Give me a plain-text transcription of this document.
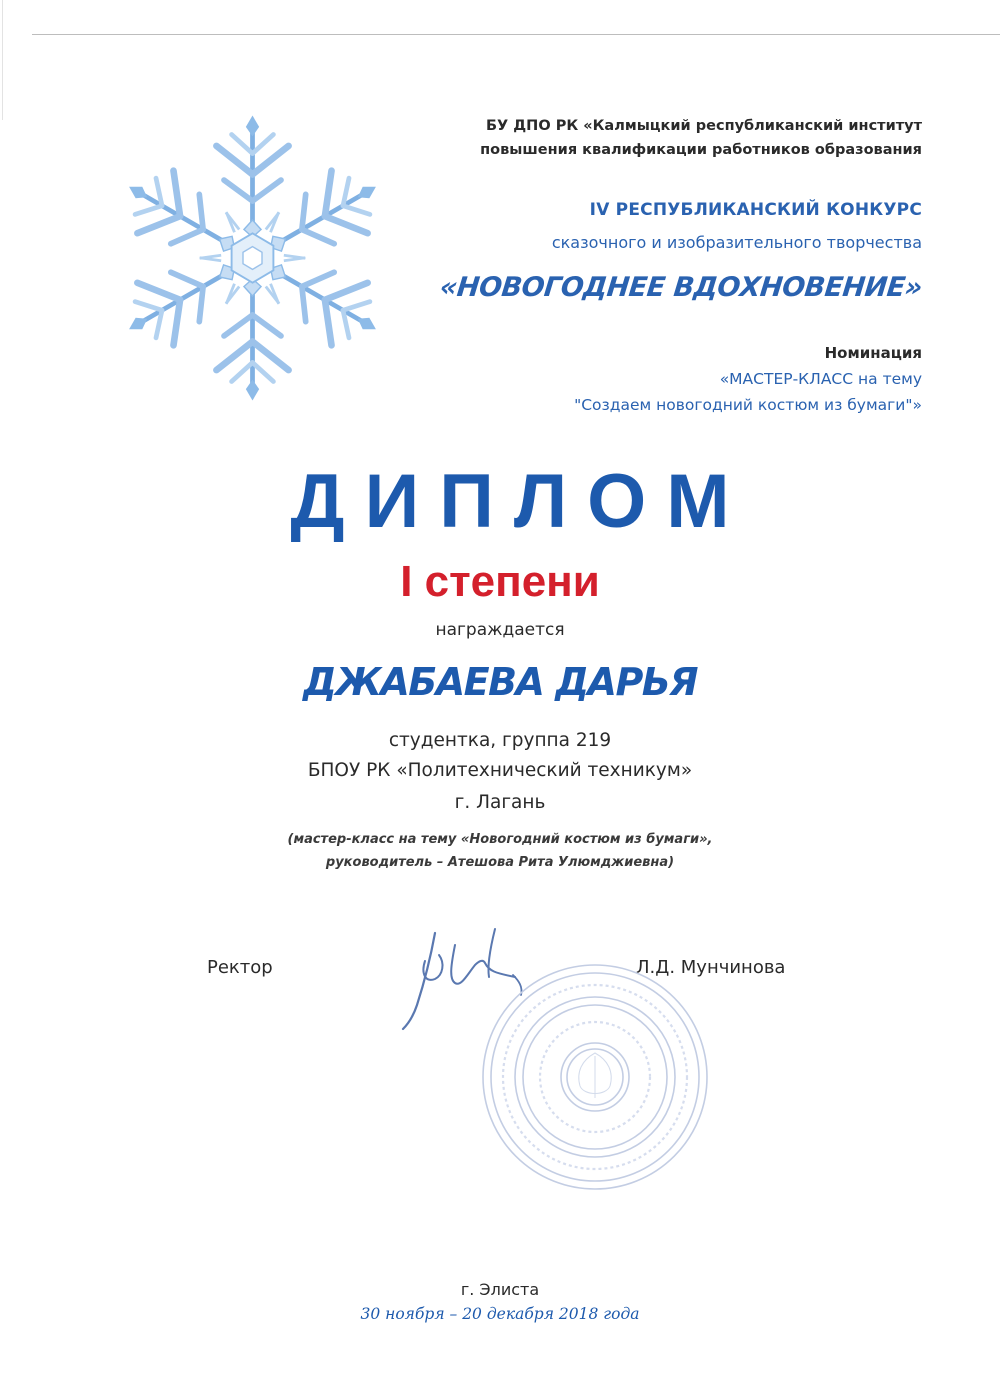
БУ ДПО РК «Калмыцкий республиканский институт
повышения квалификации работников образования
IV РЕСПУБЛИКАНСКИЙ КОНКУРС
сказочного и изобразительного творчества
«НОВОГОДНЕЕ ВДОХНОВЕНИЕ»
Номинация
«МАСТЕР-КЛАСС на тему
"Создаем новогодний костюм из бумаги"»
ДИПЛОМ
I степени
награждается
ДЖАБАЕВА ДАРЬЯ
студентка, группа 219
БПОУ РК «Политехнический техникум»
г. Лагань
(мастер-класс на тему «Новогодний костюм из бумаги»,
руководитель – Атешова Рита Улюмджиевна)
Ректор	Л.Д. Мунчинова
г. Элиста
30 ноября – 20 декабря 2018 года
